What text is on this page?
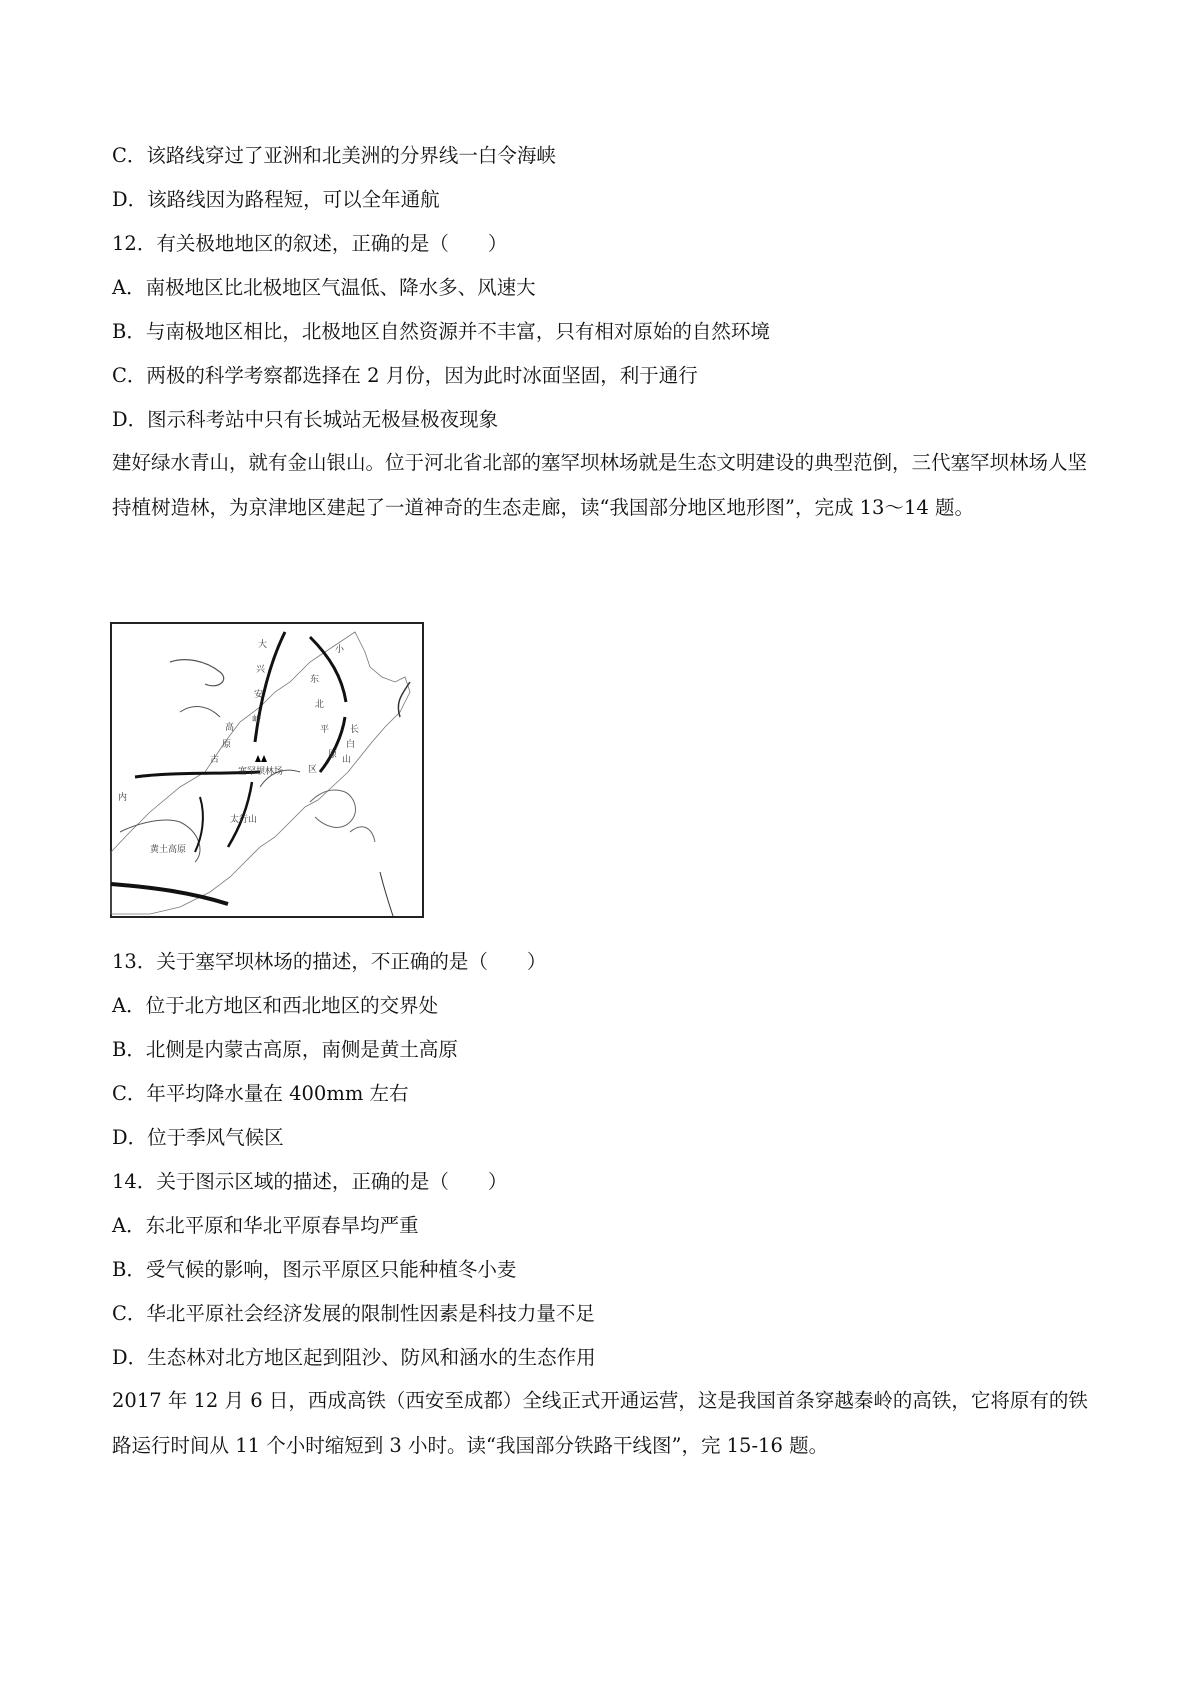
C．该路线穿过了亚洲和北美洲的分界线一白令海峡
D．该路线因为路程短，可以全年通航
12．有关极地地区的叙述，正确的是（　　）
A．南极地区比北极地区气温低、降水多、风速大
B．与南极地区相比，北极地区自然资源并不丰富，只有相对原始的自然环境
C．两极的科学考察都选择在 2 月份，因为此时冰面坚固，利于通行
D．图示科考站中只有长城站无极昼极夜现象
建好绿水青山，就有金山银山。位于河北省北部的塞罕坝林场就是生态文明建设的典型范倒，三代塞罕坝林场人坚持植树造林，为京津地区建起了一道神奇的生态走廊，读“我国部分地区地形图”，完成 13～14 题。
大
兴
安
岭
高
原
东
北
平
原
内
古
塞罕坝林场
太行山
黄土高原
小
长
白
山
区
13．关于塞罕坝林场的描述，不正确的是（　　）
A．位于北方地区和西北地区的交界处
B．北侧是内蒙古高原，南侧是黄土高原
C．年平均降水量在 400mm 左右
D．位于季风气候区
14．关于图示区域的描述，正确的是（　　）
A．东北平原和华北平原春旱均严重
B．受气候的影响，图示平原区只能种植冬小麦
C．华北平原社会经济发展的限制性因素是科技力量不足
D．生态林对北方地区起到阻沙、防风和涵水的生态作用
2017 年 12 月 6 日，西成高铁（西安至成都）全线正式开通运营，这是我国首条穿越秦岭的高铁，它将原有的铁路运行时间从 11 个小时缩短到 3 小时。读“我国部分铁路干线图”，完 15-16 题。
